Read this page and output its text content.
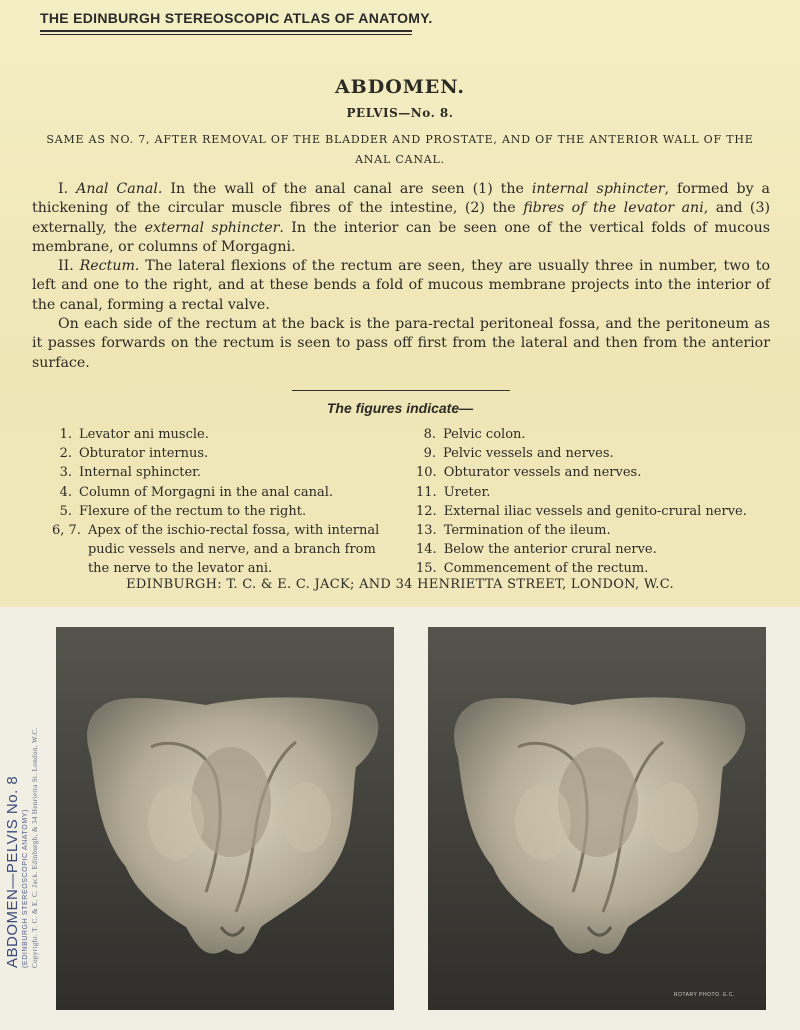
THE EDINBURGH STEREOSCOPIC ATLAS OF ANATOMY.
ABDOMEN.
PELVIS—No. 8.
SAME AS NO. 7, AFTER REMOVAL OF THE BLADDER AND PROSTATE, AND OF THE ANTERIOR WALL OF THE ANAL CANAL.

I. Anal Canal. In the wall of the anal canal are seen (1) the internal sphincter, formed by a thickening of the circular muscle fibres of the intestine, (2) the fibres of the levator ani, and (3) externally, the external sphincter. In the interior can be seen one of the vertical folds of mucous membrane, or columns of Morgagni.

II. Rectum. The lateral flexions of the rectum are seen, they are usually three in number, two to left and one to the right, and at these bends a fold of mucous membrane projects into the interior of the canal, forming a rectal valve.

On each side of the rectum at the back is the para-rectal peritoneal fossa, and the peritoneum as it passes forwards on the rectum is seen to pass off first from the lateral and then from the anterior surface.

The figures indicate—
1. Levator ani muscle.
2. Obturator internus.
3. Internal sphincter.
4. Column of Morgagni in the anal canal.
5. Flexure of the rectum to the right.
6, 7. Apex of the ischio-rectal fossa, with internal pudic vessels and nerve, and a branch from the nerve to the levator ani.
8. Pelvic colon.
9. Pelvic vessels and nerves.
10. Obturator vessels and nerves.
11. Ureter.
12. External iliac vessels and genito-crural nerve.
13. Termination of the ileum.
14. Below the anterior crural nerve.
15. Commencement of the rectum.
EDINBURGH: T. C. & E. C. JACK; AND 34 HENRIETTA STREET, LONDON, W.C.
ABDOMEN—PELVIS No. 8 (EDINBURGH STEREOSCOPIC ANATOMY) Copyright. T. C. & E. C. Jack. Edinburgh, & 34 Henrietta St. London, W.C.
ROTARY PHOTO. E.C.
